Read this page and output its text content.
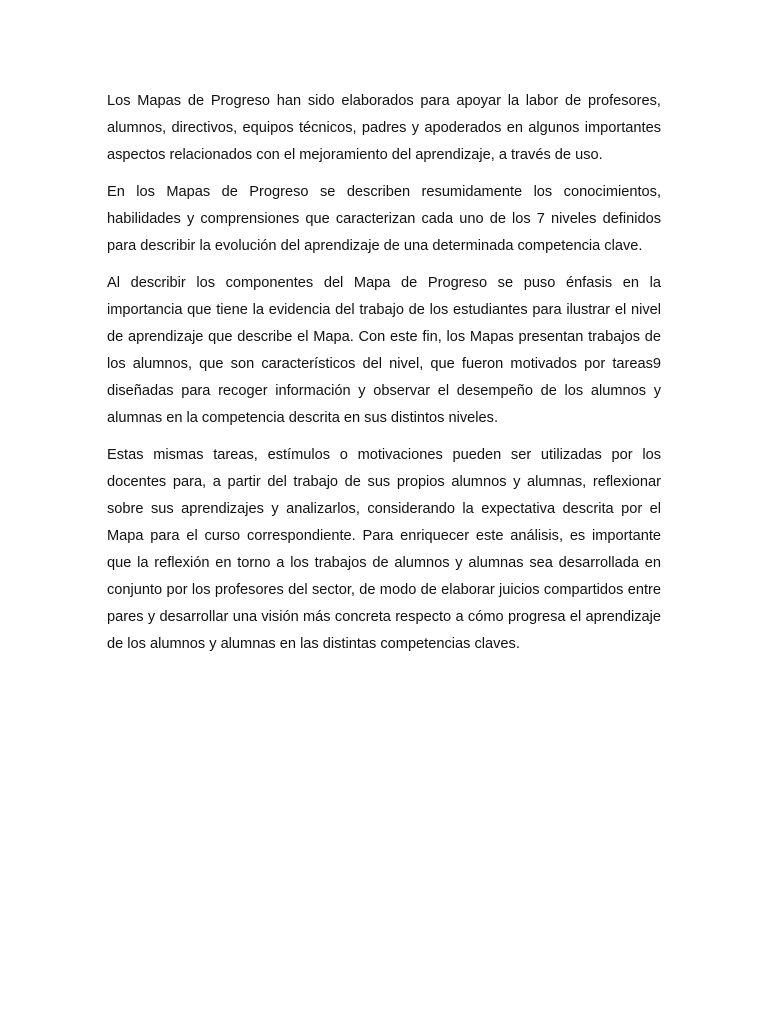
Los Mapas de Progreso han sido elaborados para apoyar la labor de profesores, alumnos, directivos, equipos técnicos, padres y apoderados en algunos importantes aspectos relacionados con el mejoramiento del aprendizaje, a través de uso.

En los Mapas de Progreso se describen resumidamente los conocimientos, habilidades y comprensiones que caracterizan cada uno de los 7 niveles definidos para describir la evolución del aprendizaje de una determinada competencia clave.

Al describir los componentes del Mapa de Progreso se puso énfasis en la importancia que tiene la evidencia del trabajo de los estudiantes para ilustrar el nivel de aprendizaje que describe el Mapa. Con este fin, los Mapas presentan trabajos de los alumnos, que son característicos del nivel, que fueron motivados por tareas9 diseñadas para recoger información y observar el desempeño de los alumnos y alumnas en la competencia descrita en sus distintos niveles.

Estas mismas tareas, estímulos o motivaciones pueden ser utilizadas por los docentes para, a partir del trabajo de sus propios alumnos y alumnas, reflexionar sobre sus aprendizajes y analizarlos, considerando la expectativa descrita por el Mapa para el curso correspondiente. Para enriquecer este análisis, es importante que la reflexión en torno a los trabajos de alumnos y alumnas sea desarrollada en conjunto por los profesores del sector, de modo de elaborar juicios compartidos entre pares y desarrollar una visión más concreta respecto a cómo progresa el aprendizaje de los alumnos y alumnas en las distintas competencias claves.
